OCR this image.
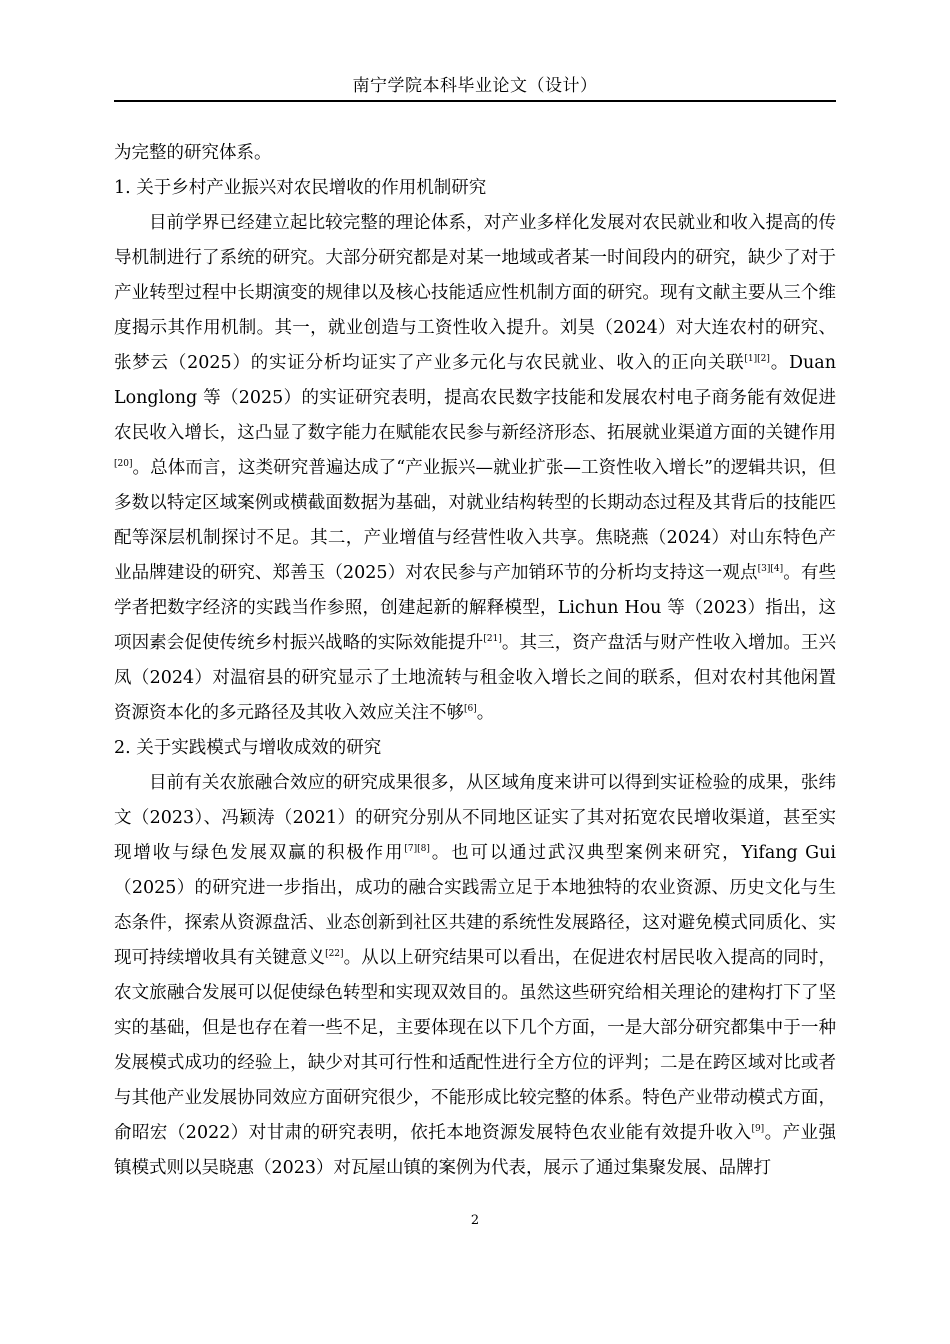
南宁学院本科毕业论文（设计）

为完整的研究体系。

1. 关于乡村产业振兴对农民增收的作用机制研究

目前学界已经建立起比较完整的理论体系，对产业多样化发展对农民就业和收入提高的传导机制进行了系统的研究。大部分研究都是对某一地域或者某一时间段内的研究，缺少了对于产业转型过程中长期演变的规律以及核心技能适应性机制方面的研究。现有文献主要从三个维度揭示其作用机制。其一，就业创造与工资性收入提升。刘昊（2024）对大连农村的研究、张梦云（2025）的实证分析均证实了产业多元化与农民就业、收入的正向关联[1][2]。Duan Longlong 等（2025）的实证研究表明，提高农民数字技能和发展农村电子商务能有效促进农民收入增长，这凸显了数字能力在赋能农民参与新经济形态、拓展就业渠道方面的关键作用[20]。总体而言，这类研究普遍达成了“产业振兴—就业扩张—工资性收入增长”的逻辑共识，但多数以特定区域案例或横截面数据为基础，对就业结构转型的长期动态过程及其背后的技能匹配等深层机制探讨不足。其二，产业增值与经营性收入共享。焦晓燕（2024）对山东特色产业品牌建设的研究、郑善玉（2025）对农民参与产加销环节的分析均支持这一观点[3][4]。有些学者把数字经济的实践当作参照，创建起新的解释模型，Lichun Hou 等（2023）指出，这项因素会促使传统乡村振兴战略的实际效能提升[21]。其三，资产盘活与财产性收入增加。王兴凤（2024）对温宿县的研究显示了土地流转与租金收入增长之间的联系，但对农村其他闲置资源资本化的多元路径及其收入效应关注不够[6]。

2. 关于实践模式与增收成效的研究

目前有关农旅融合效应的研究成果很多，从区域角度来讲可以得到实证检验的成果，张纬文（2023）、冯颖涛（2021）的研究分别从不同地区证实了其对拓宽农民增收渠道，甚至实现增收与绿色发展双赢的积极作用[7][8]。也可以通过武汉典型案例来研究，Yifang Gui（2025）的研究进一步指出，成功的融合实践需立足于本地独特的农业资源、历史文化与生态条件，探索从资源盘活、业态创新到社区共建的系统性发展路径，这对避免模式同质化、实现可持续增收具有关键意义[22]。从以上研究结果可以看出，在促进农村居民收入提高的同时，农文旅融合发展可以促使绿色转型和实现双效目的。虽然这些研究给相关理论的建构打下了坚实的基础，但是也存在着一些不足，主要体现在以下几个方面，一是大部分研究都集中于一种发展模式成功的经验上，缺少对其可行性和适配性进行全方位的评判；二是在跨区域对比或者与其他产业发展协同效应方面研究很少，不能形成比较完整的体系。特色产业带动模式方面，俞昭宏（2022）对甘肃的研究表明，依托本地资源发展特色农业能有效提升收入[9]。产业强镇模式则以吴晓惠（2023）对瓦屋山镇的案例为代表，展示了通过集聚发展、品牌打

2
